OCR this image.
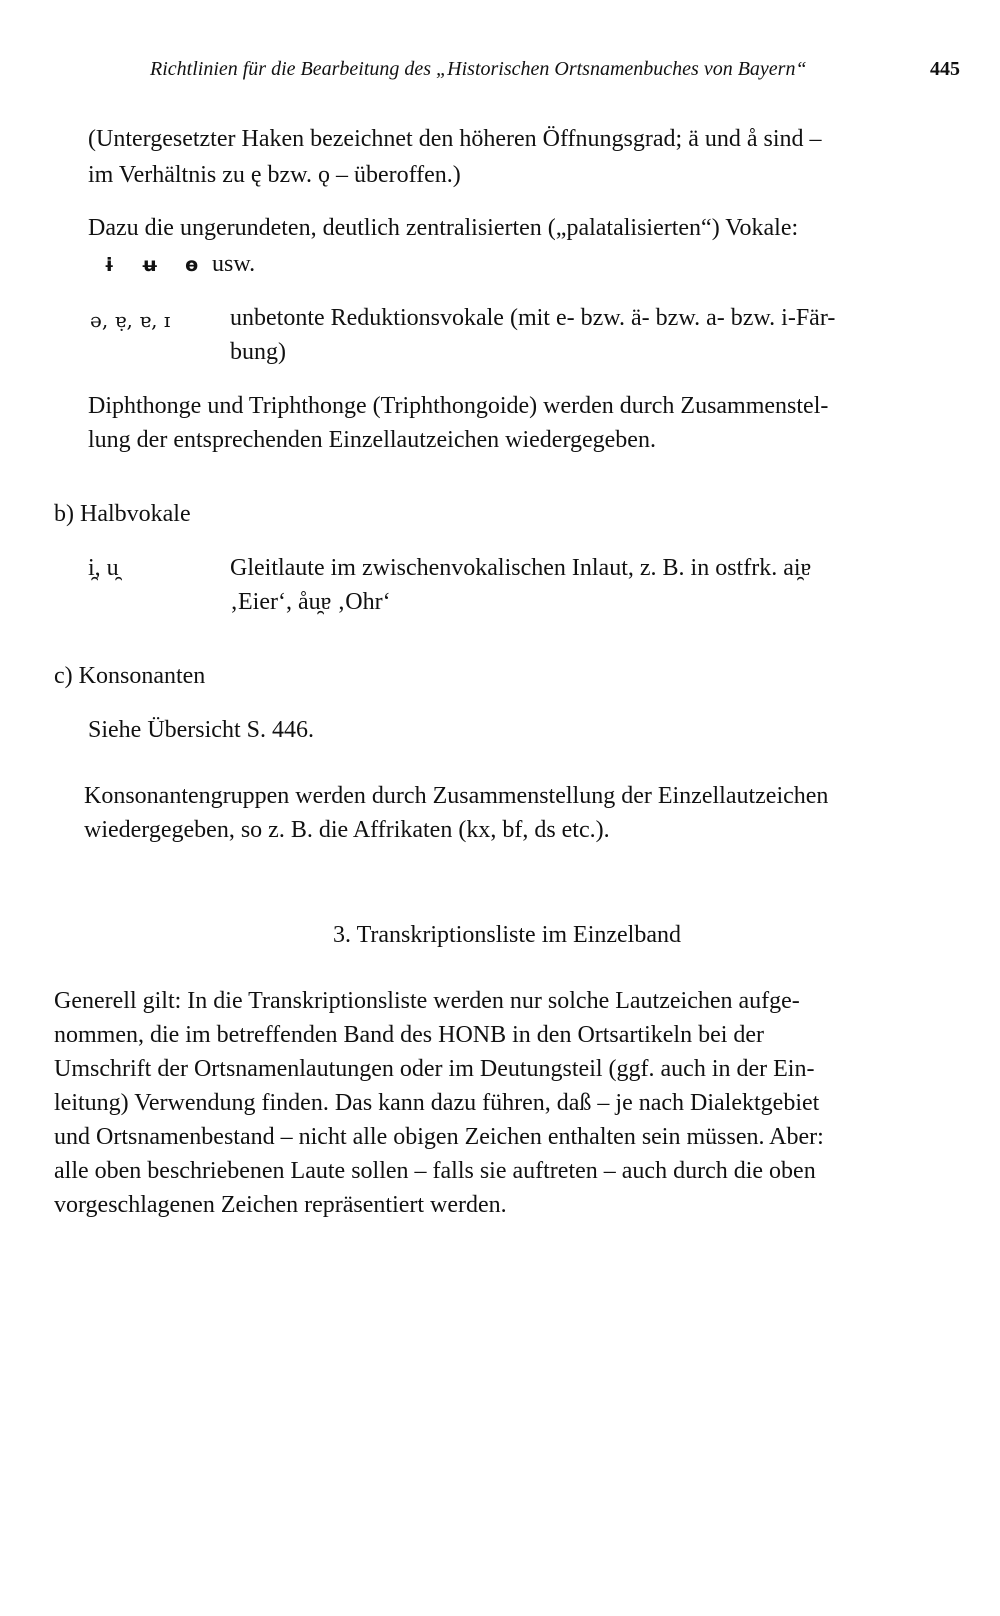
Richtlinien für die Bearbeitung des „Historischen Ortsnamenbuches von Bayern“	445
(Untergesetzter Haken bezeichnet den höheren Öffnungsgrad; ä und å sind –
im Verhältnis zu ę bzw. ǫ – überoffen.)
Dazu die ungerundeten, deutlich zentralisierten („palatalisierten“) Vokale:
ɨ ʉ ɵ usw.
ə, ɐ̣, ɐ, ɪ unbetonte Reduktionsvokale (mit e- bzw. ä- bzw. a- bzw. i-Fär-
bung)
Diphthonge und Triphthonge (Triphthongoide) werden durch Zusammenstel-
lung der entsprechenden Einzellautzeichen wiedergegeben.
b) Halbvokale
i̯, u̯	Gleitlaute im zwischenvokalischen Inlaut, z. B. in ostfrk. ai̯ɐ
‚Eier‘, åu̯ɐ ‚Ohr‘
c) Konsonanten
Siehe Übersicht S. 446.
Konsonantengruppen werden durch Zusammenstellung der Einzellautzeichen
wiedergegeben, so z. B. die Affrikaten (kx, bf, ds etc.).
3. Transkriptionsliste im Einzelband
Generell gilt: In die Transkriptionsliste werden nur solche Lautzeichen aufge-
nommen, die im betreffenden Band des HONB in den Ortsartikeln bei der
Umschrift der Ortsnamenlautungen oder im Deutungsteil (ggf. auch in der Ein-
leitung) Verwendung finden. Das kann dazu führen, daß – je nach Dialektgebiet
und Ortsnamenbestand – nicht alle obigen Zeichen enthalten sein müssen. Aber:
alle oben beschriebenen Laute sollen – falls sie auftreten – auch durch die oben
vorgeschlagenen Zeichen repräsentiert werden.
